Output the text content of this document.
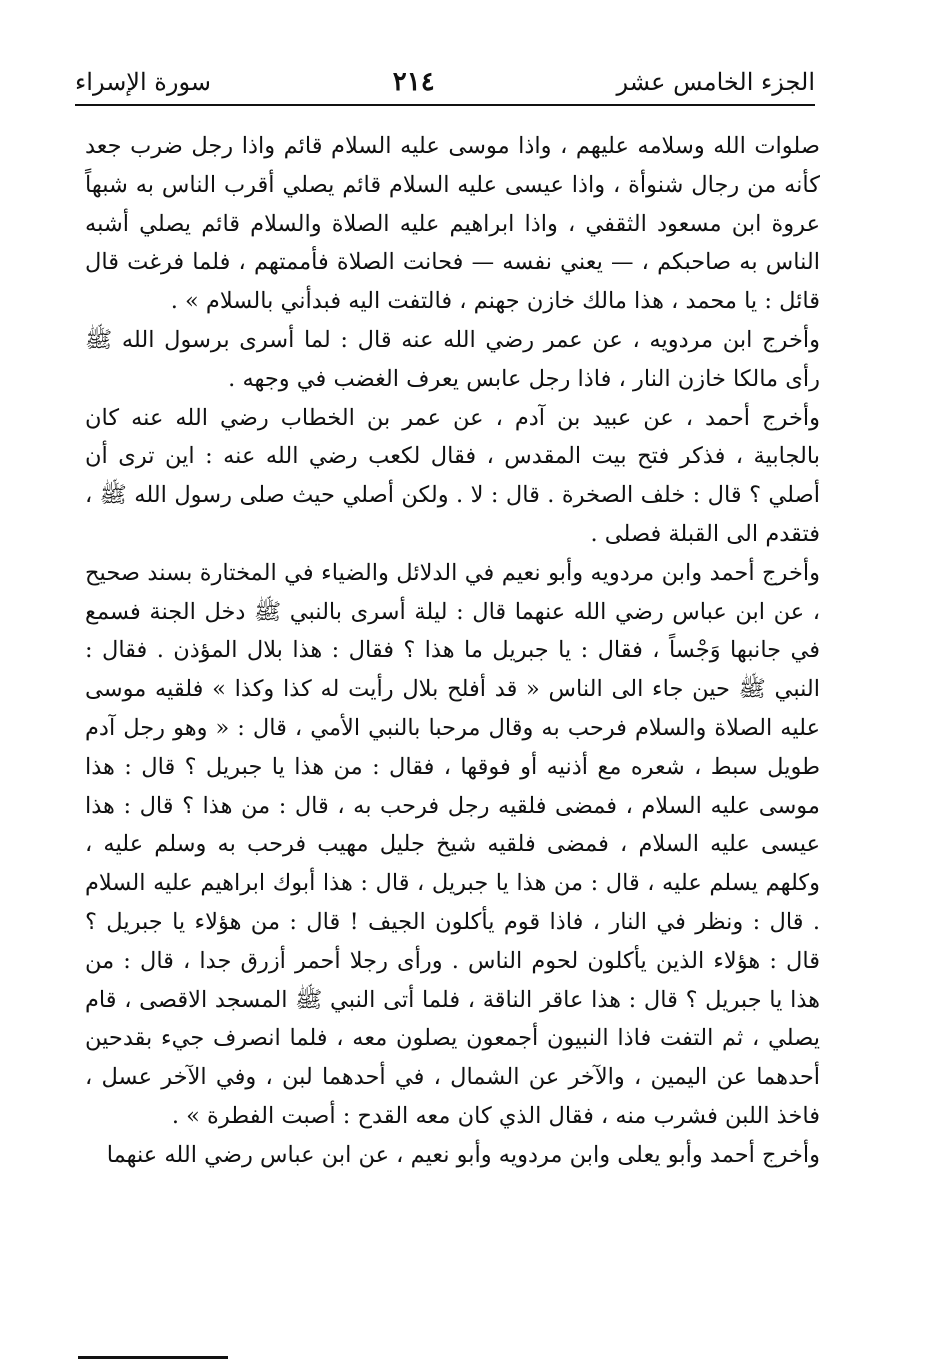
الجزء الخامس عشر
٢١٤
سورة الإسراء

صلوات الله وسلامه عليهم ، واذا موسى عليه السلام قائم واذا رجل ضرب جعد كأنه من رجال شنوأة ، واذا عيسى عليه السلام قائم يصلي أقرب الناس به شبهاً عروة ابن مسعود الثقفي ، واذا ابراهيم عليه الصلاة والسلام قائم يصلي أشبه الناس به صاحبكم ، — يعني نفسه — فحانت الصلاة فأممتهم ، فلما فرغت قال قائل : يا محمد ، هذا مالك خازن جهنم ، فالتفت اليه فبدأني بالسلام » .

وأخرج ابن مردويه ، عن عمر رضي الله عنه قال : لما أسرى برسول الله ﷺ رأى مالكا خازن النار ، فاذا رجل عابس يعرف الغضب في وجهه .

وأخرج أحمد ، عن عبيد بن آدم ، عن عمر بن الخطاب رضي الله عنه كان بالجابية ، فذكر فتح بيت المقدس ، فقال لكعب رضي الله عنه : اين ترى أن أصلي ؟ قال : خلف الصخرة . قال : لا . ولكن أصلي حيث صلى رسول الله ﷺ ، فتقدم الى القبلة فصلى .

وأخرج أحمد وابن مردويه وأبو نعيم في الدلائل والضياء في المختارة بسند صحيح ، عن ابن عباس رضي الله عنهما قال : ليلة أسرى بالنبي ﷺ دخل الجنة فسمع في جانبها وَجْساً ، فقال : يا جبريل ما هذا ؟ فقال : هذا بلال المؤذن . فقال : النبي ﷺ حين جاء الى الناس « قد أفلح بلال رأيت له كذا وكذا » فلقيه موسى عليه الصلاة والسلام فرحب به وقال مرحبا بالنبي الأمي ، قال : « وهو رجل آدم طويل سبط ، شعره مع أذنيه أو فوقها ، فقال : من هذا يا جبريل ؟ قال : هذا موسى عليه السلام ، فمضى فلقيه رجل فرحب به ، قال : من هذا ؟ قال : هذا عيسى عليه السلام ، فمضى فلقيه شيخ جليل مهيب فرحب به وسلم عليه ، وكلهم يسلم عليه ، قال : من هذا يا جبريل ، قال : هذا أبوك ابراهيم عليه السلام . قال : ونظر في النار ، فاذا قوم يأكلون الجيف ! قال : من هؤلاء يا جبريل ؟ قال : هؤلاء الذين يأكلون لحوم الناس . ورأى رجلا أحمر أزرق جدا ، قال : من هذا يا جبريل ؟ قال : هذا عاقر الناقة ، فلما أتى النبي ﷺ المسجد الاقصى ، قام يصلي ، ثم التفت فاذا النبيون أجمعون يصلون معه ، فلما انصرف جيء بقدحين أحدهما عن اليمين ، والآخر عن الشمال ، في أحدهما لبن ، وفي الآخر عسل ، فاخذ اللبن فشرب منه ، فقال الذي كان معه القدح : أصبت الفطرة » .

وأخرج أحمد وأبو يعلى وابن مردويه وأبو نعيم ، عن ابن عباس رضي الله عنهما
